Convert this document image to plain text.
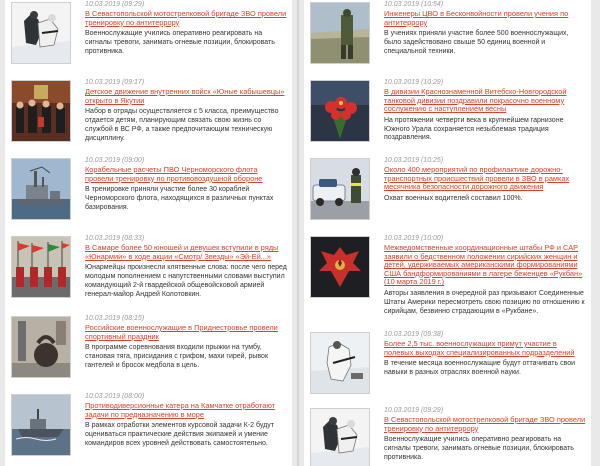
10.03.2019 (09:29)
В Севастопольской мотострелковой бригаде ЗВО провели тренировку по антитеррору
Военнослужащие учились оперативно реагировать на сигналы тревоги, занимать огневые позиции, блокировать противника.
10.03.2019 (09:17)
Детское движение внутренних войск «Юные кабышевцы» открыто в Якутии
Набор в отряды осуществляется с 5 класса, преимущество отдается детям, планирующим связать свою жизнь со службой в ВС РФ, а также предпочитающим техническую дисциплину.
10.03.2019 (09:00)
Корабельные расчеты ПВО Черноморского флота провели тренировку по противовоздушной обороне
В тренировке приняли участие более 30 кораблей Черноморского флота, находящихся в различных пунктах базирования.
10.03.2019 (08:33)
В Самаре более 50 юношей и девушек вступили в ряды «Юнармии» в ходе акции «Смотр/ Звезды» «Эй-Ей...»
Юнармейцы произнесли клятвенные слова: после чего перед молодым пополнением с напутственными словами выступил командующий 2-й гвардейской общевойсковой армией генерал-майор Андрей Колотовкин.
10.03.2019 (08:15)
Российские военнослужащие в Приднестровье провели спортивный праздник
В программе соревнования входили прыжки на тумбу, становая тяга, присидания с грифом, махи гирей, рывок гантелей и бросок медбола в цель.
10.03.2019 (08:00)
Противодиверсионные катера на Камчатке отработают задачи по предназначению в море
В рамках отработки элементов курсовой задачи К-2 будут оцениваться практические действия экипажей и умение командиров всех уровней действовать самостоятельно.
10.03.2019 (10:54)
Инженеры ЦВО в Бесконвойности провели учения по антитеррору
В учениях приняли участие более 500 военнослужащих, было задействовано свыше 50 единиц военной и специальной техники.
10.03.2019 (10:29)
В дивизии Краснознаменной Витебско-Новгородской танковой дивизии поздравили покрасочно военному сослужению с наступлением весны
На протяжении четверти века в крупнейшем гарнизоне Южного Урала сохраняется незыблемая традиция поздравления.
10.03.2019 (10:25)
Около 400 мероприятий по профилактике дорожно-транспортных происшествий провели в ЗВО в рамках месячника безопасности дорожного движения
Охват военных водителей составил 100%.
10.03.2019 (10:00)
Межведомственные координационные штабы РФ и САР заявили о бедственном положении сирийских женщин и детей, удерживаемых американскими формированиями США бандформированиями в лагере беженцев «Рукбан» (10 марта 2019 г.)
Авторы заявления в очередной раз призывают Соединенные Штаты Америки пересмотреть свою позицию по отношению к сирийцам, безвинно страдающим в «Рукбане».
10.03.2019 (09:38)
Более 2,5 тыс. военнослужащих примут участие в полевых выходах специализированных подразделений
В течение месяца военнослужащие будут оттачивать свои навыки в разных отраслях военной науки.
10.03.2019 (09:29)
В Севастопольской мотострелковой бригаде ЗВО провели тренировку по антитеррору
Военнослужащие учились оперативно реагировать на сигналы тревоги, занимать огневые позиции, блокировать противника.
